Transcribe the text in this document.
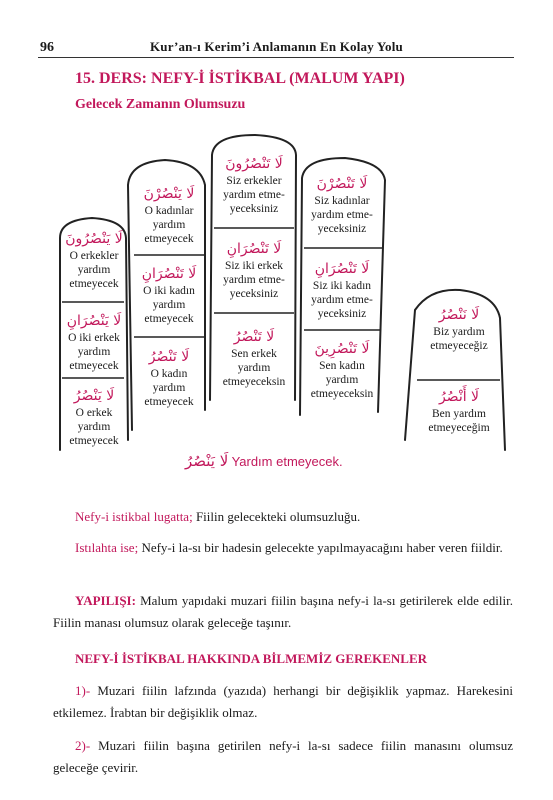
96	Kur’an-ı Kerim’i Anlamanın En Kolay Yolu
15. DERS: NEFY-İ İSTİKBAL (MALUM YAPI)
Gelecek Zamanın Olumsuzu
لَا يَنْصُرُونَ
O erkekler yardım etmeyecek
لَا يَنْصُرَانِ
O iki erkek yardım etmeyecek
لَا يَنْصُرُ
O erkek yardım etmeyecek
لَا يَنْصُرْنَ
O kadınlar yardım etmeyecek
لَا تَنْصُرَانِ
O iki kadın yardım etmeyecek
لَا تَنْصُرُ
O kadın yardım etmeyecek
لَا تَنْصُرُونَ
Siz erkekler yardım etme- yeceksiniz
لَا تَنْصُرَانِ
Siz iki erkek yardım etme- yeceksiniz
لَا تَنْصُرُ
Sen erkek yardım etmeyeceksin
لَا تَنْصُرْنَ
Siz kadınlar yardım etme- yeceksiniz
لَا تَنْصُرَانِ
Siz iki kadın yardım etme- yeceksiniz
لَا تَنْصُرِينَ
Sen kadın yardım etmeyeceksin
لَا نَنْصُرُ
Biz yardım etmeyeceğiz
لَا أَنْصُرُ
Ben yardım etmeyeceğim
لَا يَنْصُرُ Yardım etmeyecek.
Nefy-i istikbal lugatta; Fiilin gelecekteki olumsuzluğu.
Istılahta ise; Nefy-i la-sı bir hadesin gelecekte yapılmayacağını haber veren fiildir.
YAPILIŞI: Malum yapıdaki muzari fiilin başına nefy-i la-sı getirilerek elde edilir. Fiilin manası olumsuz olarak geleceğe taşınır.
NEFY-İ İSTİKBAL HAKKINDA BİLMEMİZ GEREKENLER
1)- Muzari fiilin lafzında (yazıda) herhangi bir değişiklik yapmaz. Harekesini etkilemez. İrabtan bir değişiklik olmaz.
2)- Muzari fiilin başına getirilen nefy-i la-sı sadece fiilin manasını olumsuz geleceğe çevirir.
